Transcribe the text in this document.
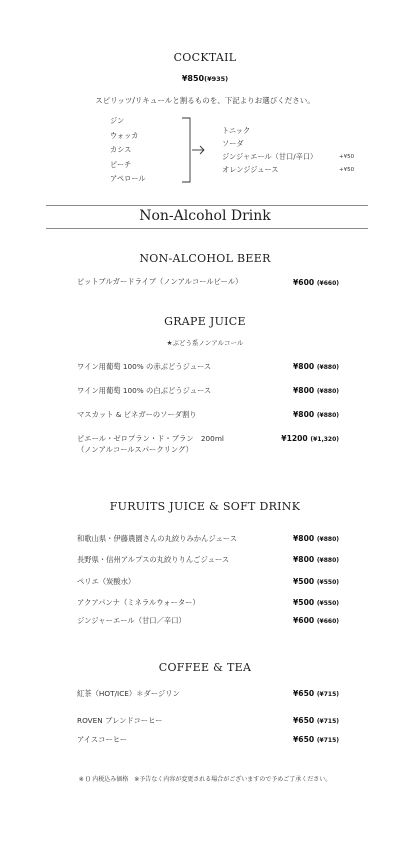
COCKTAIL
¥850(¥935)
スピリッツ/リキュールと割るものを、下記よりお選びください。
ジン
ウォッカ
カシス
ピーチ
アペロール
トニック
ソーダ
ジンジャエール（甘口/辛口）	+¥50
オレンジジュース	+¥50
Non-Alcohol Drink
NON-ALCOHOL BEER
ビットブルガードライブ（ノンアルコールビール）	¥600 (¥660)
GRAPE JUICE
★ぶどう系ノンアルコール
ワイン用葡萄 100% の赤ぶどうジュース	¥800 (¥880)
ワイン用葡萄 100% の白ぶどうジュース	¥800 (¥880)
マスカット & ビネガーのソーダ割り	¥800 (¥880)
ピエール・ゼロプラン・ド・ブラン　200ml
（ノンアルコールスパークリング）
¥1200 (¥1,320)
FURUITS JUICE & SOFT DRINK
和歌山県・伊藤農園さんの丸絞りみかんジュース	¥800 (¥880)
長野県・信州アルプスの丸絞りりんごジュース	¥800 (¥880)
ペリエ（炭酸水）	¥500 (¥550)
アクアパンナ（ミネラルウォーター）	¥500 (¥550)
ジンジャーエール（甘口／辛口）	¥600 (¥660)
COFFEE & TEA
紅茶（HOT/ICE）＊ダージリン	¥650 (¥715)
ROVEN ブレンドコーヒー	¥650 (¥715)
アイスコーヒー	¥650 (¥715)
※ () 内税込み価格　※予告なく内容が変更される場合がございますので予めご了承ください。
